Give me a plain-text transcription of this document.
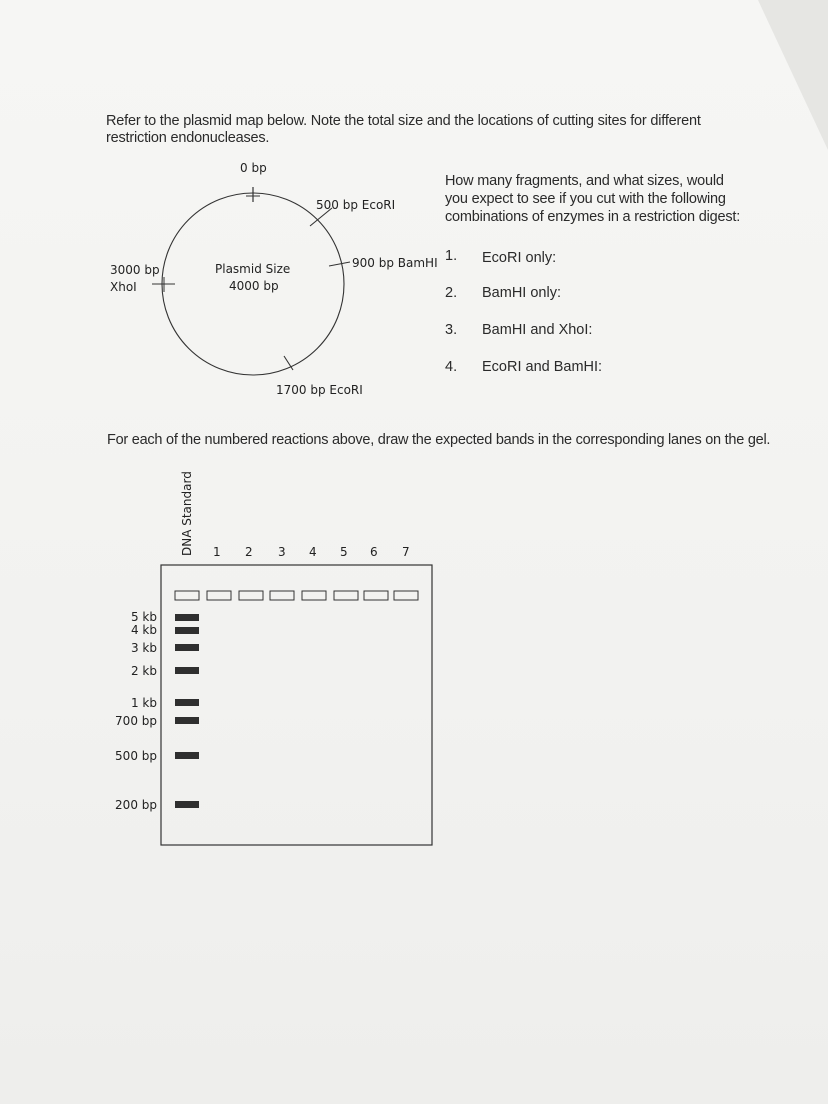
Refer to the plasmid map below. Note the total size and the locations of cutting sites for different restriction endonucleases.
0 bp
500 bp EcoRI
900 bp BamHI
1700 bp EcoRI
3000 bp
XhoI
Plasmid Size
4000 bp
DNA Standard 1 2 3 4 5 6 7
5 kb
4 kb
3 kb
2 kb
1 kb
700 bp
500 bp
200 bp
How many fragments, and what sizes, would you expect to see if you cut with the following combinations of enzymes in a restriction digest:
1. EcoRI only:
2. BamHI only:
3. BamHI and XhoI:
4. EcoRI and BamHI:
For each of the numbered reactions above, draw the expected bands in the corresponding lanes on the gel.
